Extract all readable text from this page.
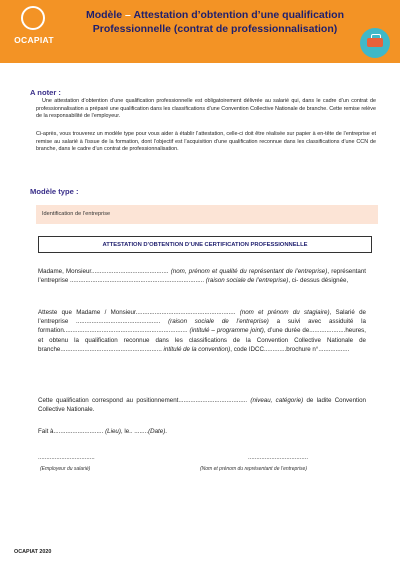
OCAPIAT
Modèle – Attestation d’obtention d’une qualification Professionnelle (contrat de professionnalisation)
A noter :
Une attestation d’obtention d’une qualification professionnelle est obligatoirement délivrée au salarié qui, dans le cadre d’un contrat de professionnalisation a préparé une qualification dans les classifications d’une Convention Collective Nationale de branche. Cette remise relève de la responsabilité de l’employeur.
Ci-après, vous trouverez un modèle type pour vous aider à établir l’attestation, celle-ci doit être réalisée sur papier à en-tête de l’entreprise et remise au salarié à l’issue de la formation, dont l’objectif est l’acquisition d’une qualification reconnue dans les classifications d’une CCN de branche, dans le cadre d’un contrat de professionnalisation.
Modèle type :
Identification de l’entreprise
ATTESTATION D’OBTENTION D’UNE CERTIFICATION PROFESSIONNELLE
Madame, Monsieur............................................. (nom, prénom et qualité du représentant de l’entreprise), représentant l’entreprise .............................................................................. (raison sociale de l’entreprise), ci- dessus désignée,
Atteste que Madame / Monsieur.......................................................... (nom et prénom du stagiaire), Salarié de l’entreprise ................................................. (raison sociale de l’entreprise) a suivi avec assiduité la formation........................................................................ (intitulé – programme joint), d’une durée de.....................heures, et obtenu la qualification reconnue dans les classifications de la Convention Collective Nationale de branche........................................................... intitulé de la convention), code IDCC.............brochure n°..................
Cette qualification correspond au positionnement........................................ (niveau, catégorie) de ladite Convention Collective Nationale.
Fait à............................. (Lieu), le.. ........(Date).
..................................
(Employeur du salarié)
....................................
(Nom et prénom du représentant de l’entreprise)
OCAPIAT 2020
